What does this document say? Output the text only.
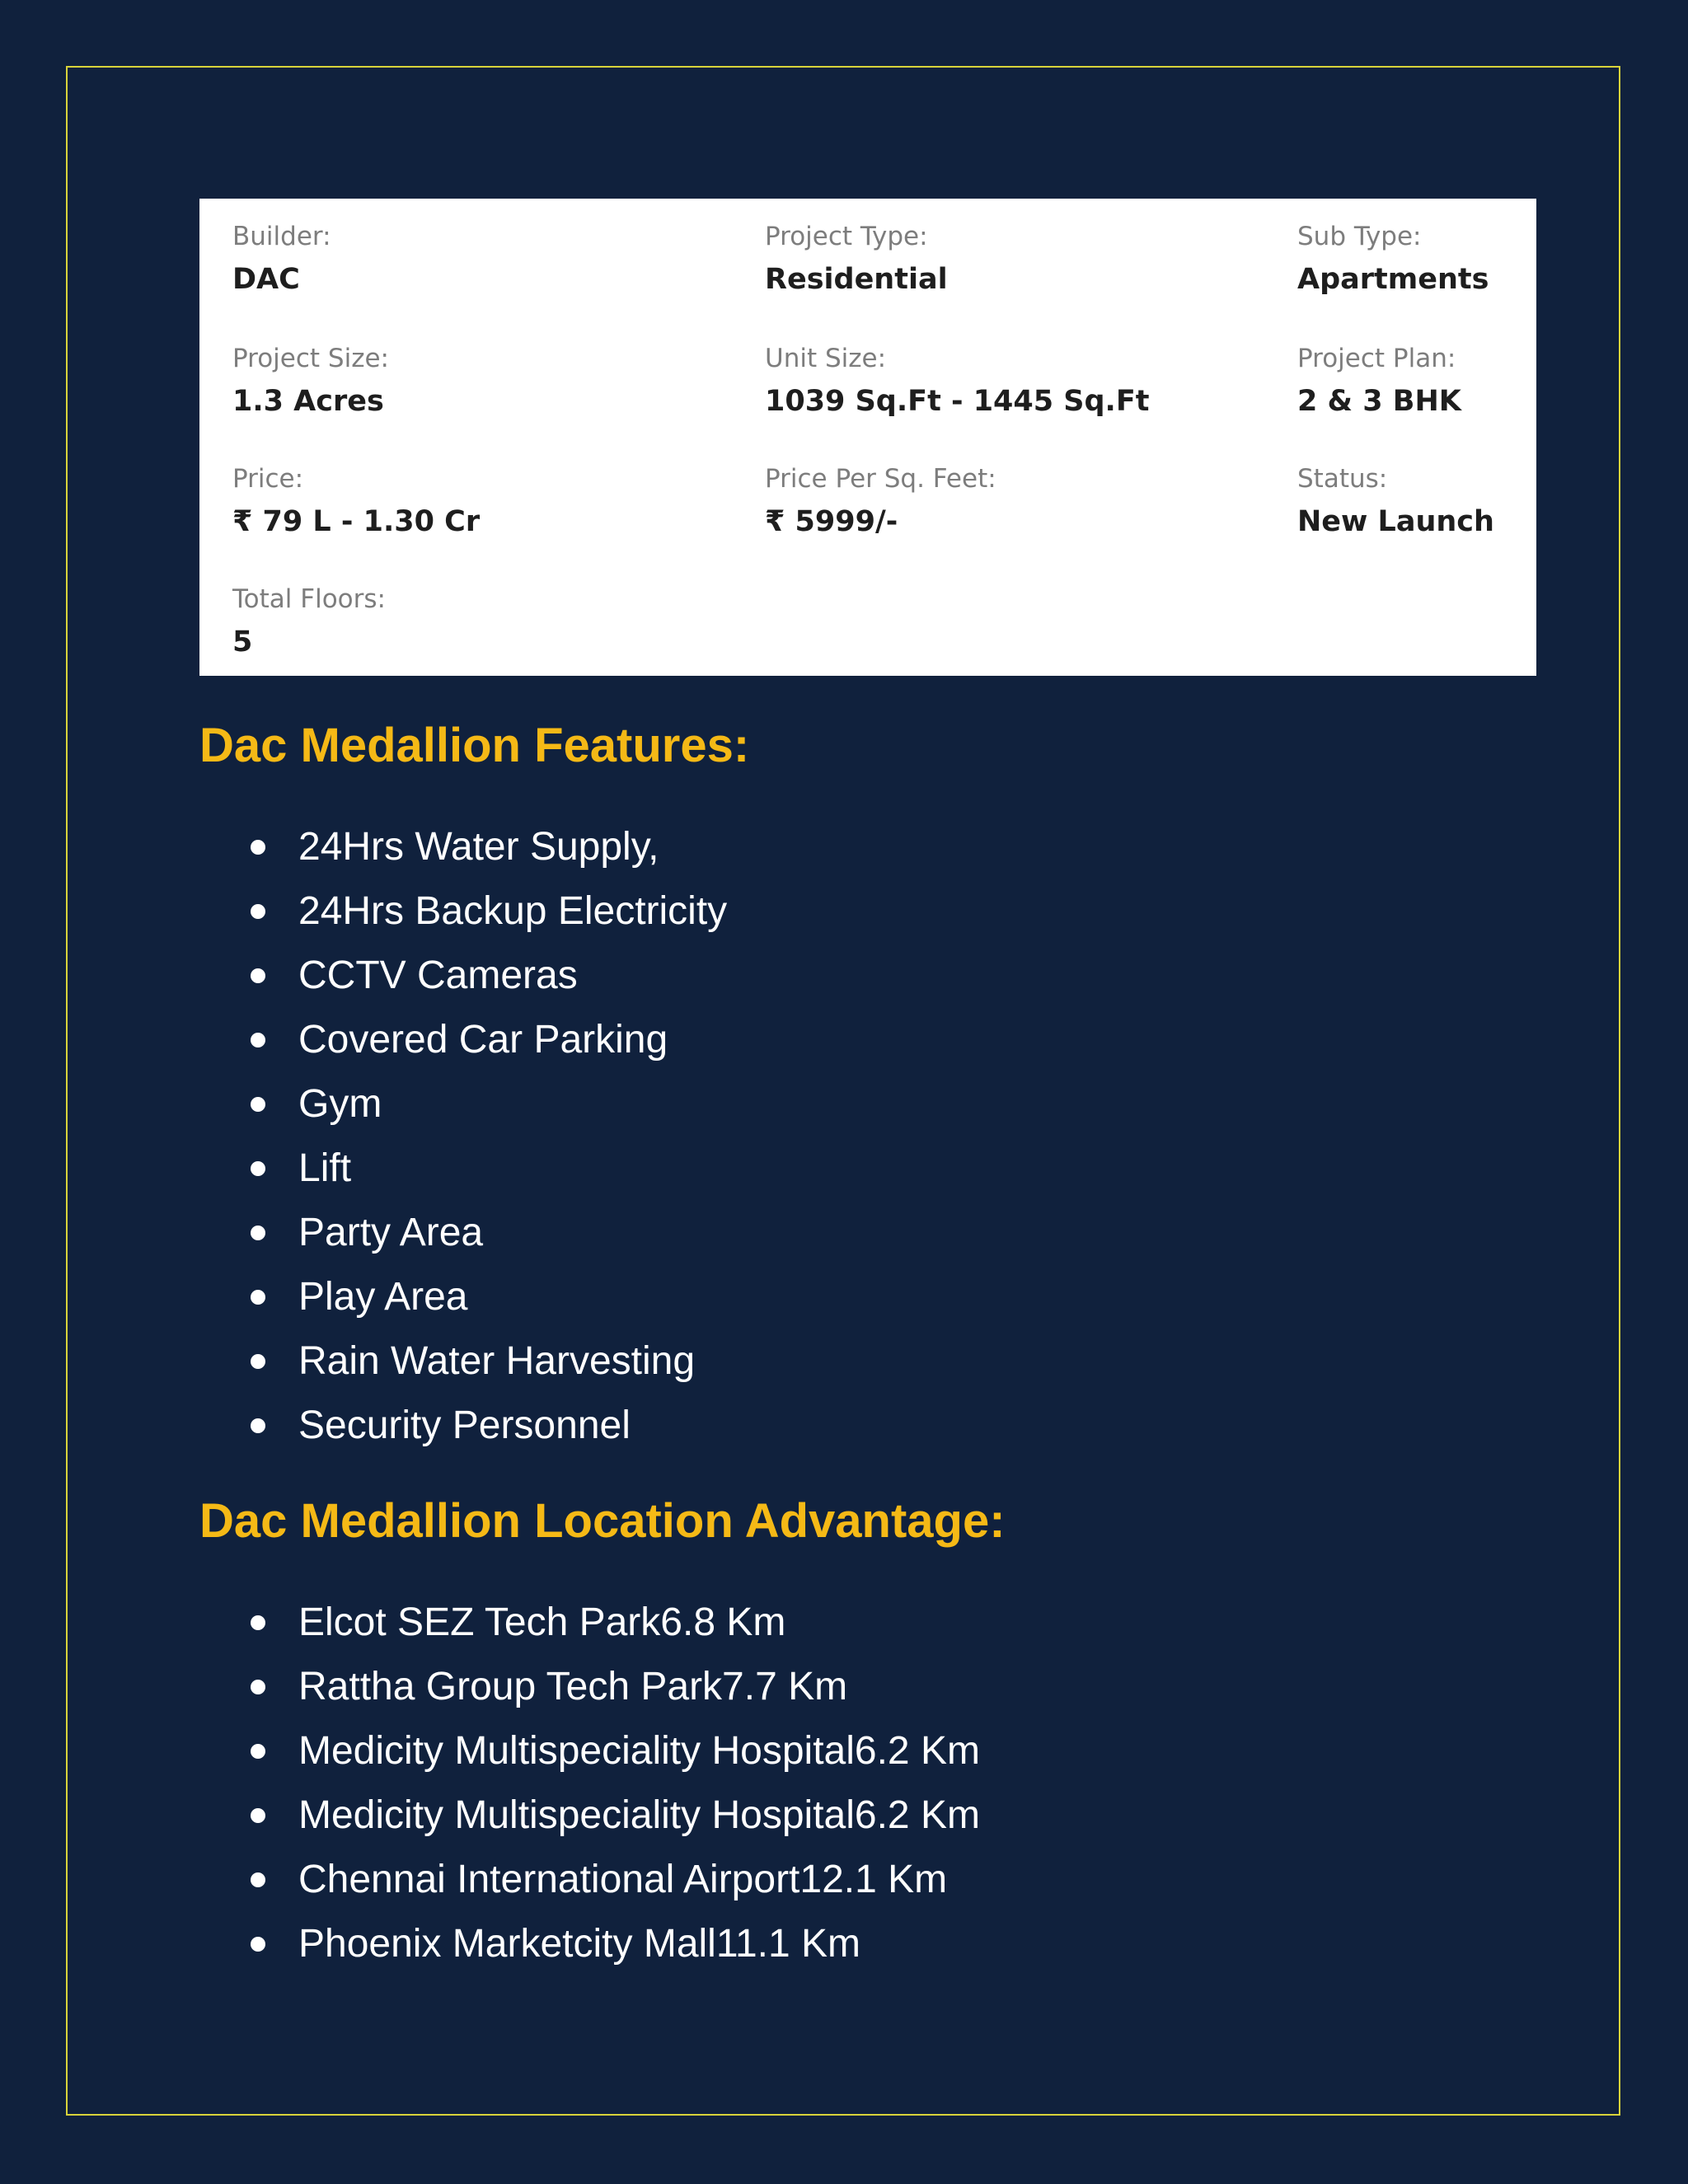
Builder:
DAC
Project Type:
Residential
Sub Type:
Apartments
Project Size:
1.3 Acres
Unit Size:
1039 Sq.Ft - 1445 Sq.Ft
Project Plan:
2 & 3 BHK
Price:
₹ 79 L - 1.30 Cr
Price Per Sq. Feet:
₹ 5999/-
Status:
New Launch
Total Floors:
5
Dac Medallion Features:
24Hrs Water Supply,
24Hrs Backup Electricity
CCTV Cameras
Covered Car Parking
Gym
Lift
Party Area
Play Area
Rain Water Harvesting
Security Personnel
Dac Medallion Location Advantage:
Elcot SEZ Tech Park6.8 Km
Rattha Group Tech Park7.7 Km
Medicity Multispeciality Hospital6.2 Km
Medicity Multispeciality Hospital6.2 Km
Chennai International Airport12.1 Km
Phoenix Marketcity Mall11.1 Km
